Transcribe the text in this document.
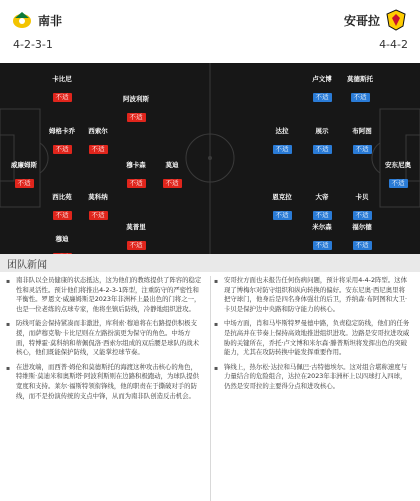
南非
4-2-3-1
安哥拉
4-4-2
卡比尼
不适	阿波利斯
不适
姆格卡乔
不适
西索尔
不适
威廉姆斯
不适
穆卡森
不适
莫迪
不适
西比苑
不适
莫科纳
不适
莫普里
不适
穆迪
卢文博
不适
莫德斯托
不适
达拉
不适
展示
不适
布阿图
不适
安东尼奥
不适
恩克拉
不适
大帝
不适
卡贝
不适
米尔森
不适
福尔德
不适
团队新闻
▪ 南非队以全员健康的状态抵达，这为他们的教练提供了阵容的稳定性和灵活性。预计他们将推出4-2-3-1阵型，注重防守的严密性和平衡性。罗恩文·威廉姆斯是2023年非洲杯上最出色的门将之一，也是一位老练的点球专家，他将坐镇后防线，冷静地组织进攻。
▪ 防线可能会保持紧凑而非激进，库利索·穆迪将在右路提供积极支援，而萨穆克勒·卡比尼则在左路扮演更为保守的角色。中场方面，特博霍·莫科纳和蒂佩侃洛·西索尔组成的双后腰是球队的战术核心，他们既能保护防线，又能掌控球节奏。
▪ 在进攻端，而西普·姆伦和莫德斯托的海渡这种攻击核心的角色，特维斯·莫迪米和奥斯塔·阿波利斯则在边路积极跑动，为球队提供宽度和支持。莱尔·福斯特领衔锋线，他的职责在于撕破对手的防线，而不是扮演传统的支点中锋，从而为南非队创造反击机会。
▪ 安哥拉方面也未报告任何伤病问题，预计将采用4-4-2阵型。这体现了博梅尔对防守组织和纵向转换的偏好。安东尼奥·西尼奥里将把守球门，他身后是四名身体强壮的后卫，乔纳森·布阿图和大卫·卡贝是保护边中央路和防守能力的核心。
▪ 中场方面，肖和马毕斯特罗曼德中路，负责稳定防线，他们的任务是抗高并在节奏上保持高效地推进组织进攻。边路是安哥拉进攻威胁的关键所在，乔托·卢文博和米尔森·滕普斯坦将发挥出色的突破能力，尤其在攻防转换中能发挥重要作用。
▪ 锋线上，热尔松·达拉和马佩巴·古特德埃尔。这对组合堪称速度与力量结合的危险组合，达拉在2023年非洲杯上以四球打入四球，仍然是安哥拉的主要得分点和进攻核心。
